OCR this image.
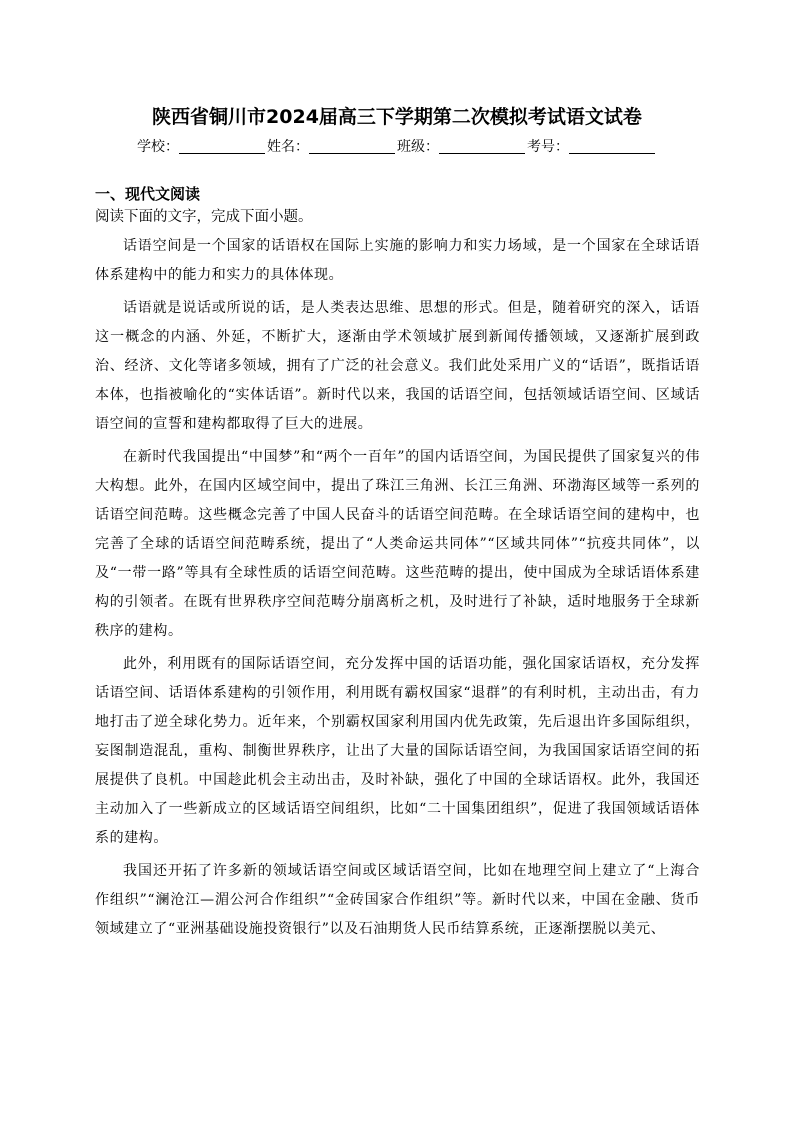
陕西省铜川市2024届高三下学期第二次模拟考试语文试卷
学校：	姓名：	班级：	考号：
一、现代文阅读
阅读下面的文字，完成下面小题。

话语空间是一个国家的话语权在国际上实施的影响力和实力场域，是一个国家在全球话语体系建构中的能力和实力的具体体现。

话语就是说话或所说的话，是人类表达思维、思想的形式。但是，随着研究的深入，话语这一概念的内涵、外延，不断扩大，逐渐由学术领域扩展到新闻传播领域，又逐渐扩展到政治、经济、文化等诸多领域，拥有了广泛的社会意义。我们此处采用广义的“话语”，既指话语本体，也指被喻化的“实体话语”。新时代以来，我国的话语空间，包括领域话语空间、区域话语空间的宣誓和建构都取得了巨大的进展。

在新时代我国提出“中国梦”和“两个一百年”的国内话语空间，为国民提供了国家复兴的伟大构想。此外，在国内区域空间中，提出了珠江三角洲、长江三角洲、环渤海区域等一系列的话语空间范畴。这些概念完善了中国人民奋斗的话语空间范畴。在全球话语空间的建构中，也完善了全球的话语空间范畴系统，提出了“人类命运共同体”“区域共同体”“抗疫共同体”，以及“一带一路”等具有全球性质的话语空间范畴。这些范畴的提出，使中国成为全球话语体系建构的引领者。在既有世界秩序空间范畴分崩离析之机，及时进行了补缺，适时地服务于全球新秩序的建构。

此外，利用既有的国际话语空间，充分发挥中国的话语功能，强化国家话语权，充分发挥话语空间、话语体系建构的引领作用，利用既有霸权国家“退群”的有利时机，主动出击，有力地打击了逆全球化势力。近年来，个别霸权国家利用国内优先政策，先后退出许多国际组织，妄图制造混乱，重构、制衡世界秩序，让出了大量的国际话语空间，为我国国家话语空间的拓展提供了良机。中国趁此机会主动出击，及时补缺，强化了中国的全球话语权。此外，我国还主动加入了一些新成立的区域话语空间组织，比如“二十国集团组织”，促进了我国领域话语体系的建构。

我国还开拓了许多新的领域话语空间或区域话语空间，比如在地理空间上建立了“上海合作组织”“澜沧江—湄公河合作组织”“金砖国家合作组织”等。新时代以来，中国在金融、货币领域建立了“亚洲基础设施投资银行”以及石油期货人民币结算系统，正逐渐摆脱以美元、
